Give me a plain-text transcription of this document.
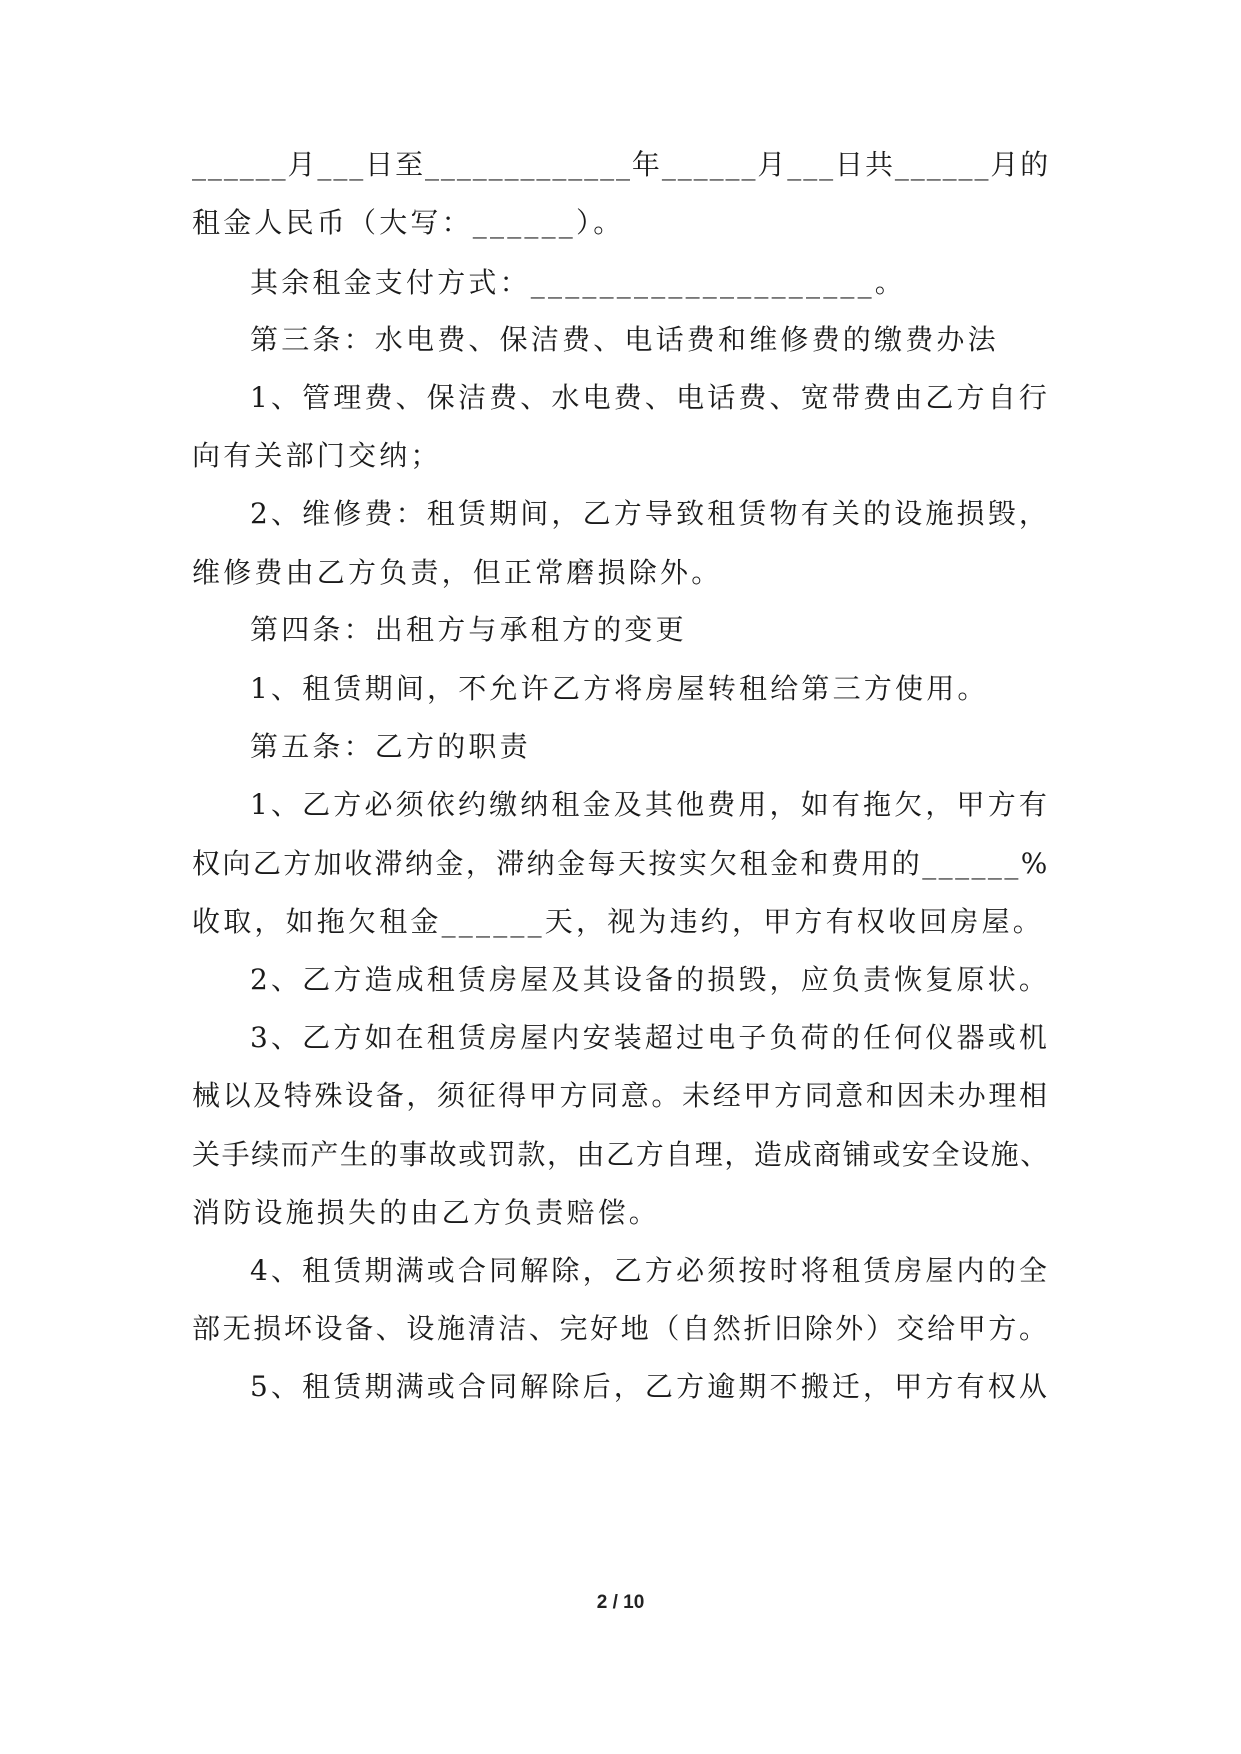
______月___日至_____________年______月___日共______月的
租金人民币（大写：______）。
其余租金支付方式：____________________。
第三条：水电费、保洁费、电话费和维修费的缴费办法
1、管理费、保洁费、水电费、电话费、宽带费由乙方自行
向有关部门交纳；
2、维修费：租赁期间，乙方导致租赁物有关的设施损毁，
维修费由乙方负责，但正常磨损除外。
第四条：出租方与承租方的变更
1、租赁期间，不允许乙方将房屋转租给第三方使用。
第五条：乙方的职责
1、乙方必须依约缴纳租金及其他费用，如有拖欠，甲方有
权向乙方加收滞纳金，滞纳金每天按实欠租金和费用的______%
收取，如拖欠租金______天，视为违约，甲方有权收回房屋。
2、乙方造成租赁房屋及其设备的损毁，应负责恢复原状。
3、乙方如在租赁房屋内安装超过电子负荷的任何仪器或机
械以及特殊设备，须征得甲方同意。未经甲方同意和因未办理相
关手续而产生的事故或罚款，由乙方自理，造成商铺或安全设施、
消防设施损失的由乙方负责赔偿。
4、租赁期满或合同解除，乙方必须按时将租赁房屋内的全
部无损坏设备、设施清洁、完好地（自然折旧除外）交给甲方。
5、租赁期满或合同解除后，乙方逾期不搬迁，甲方有权从
2 / 10
